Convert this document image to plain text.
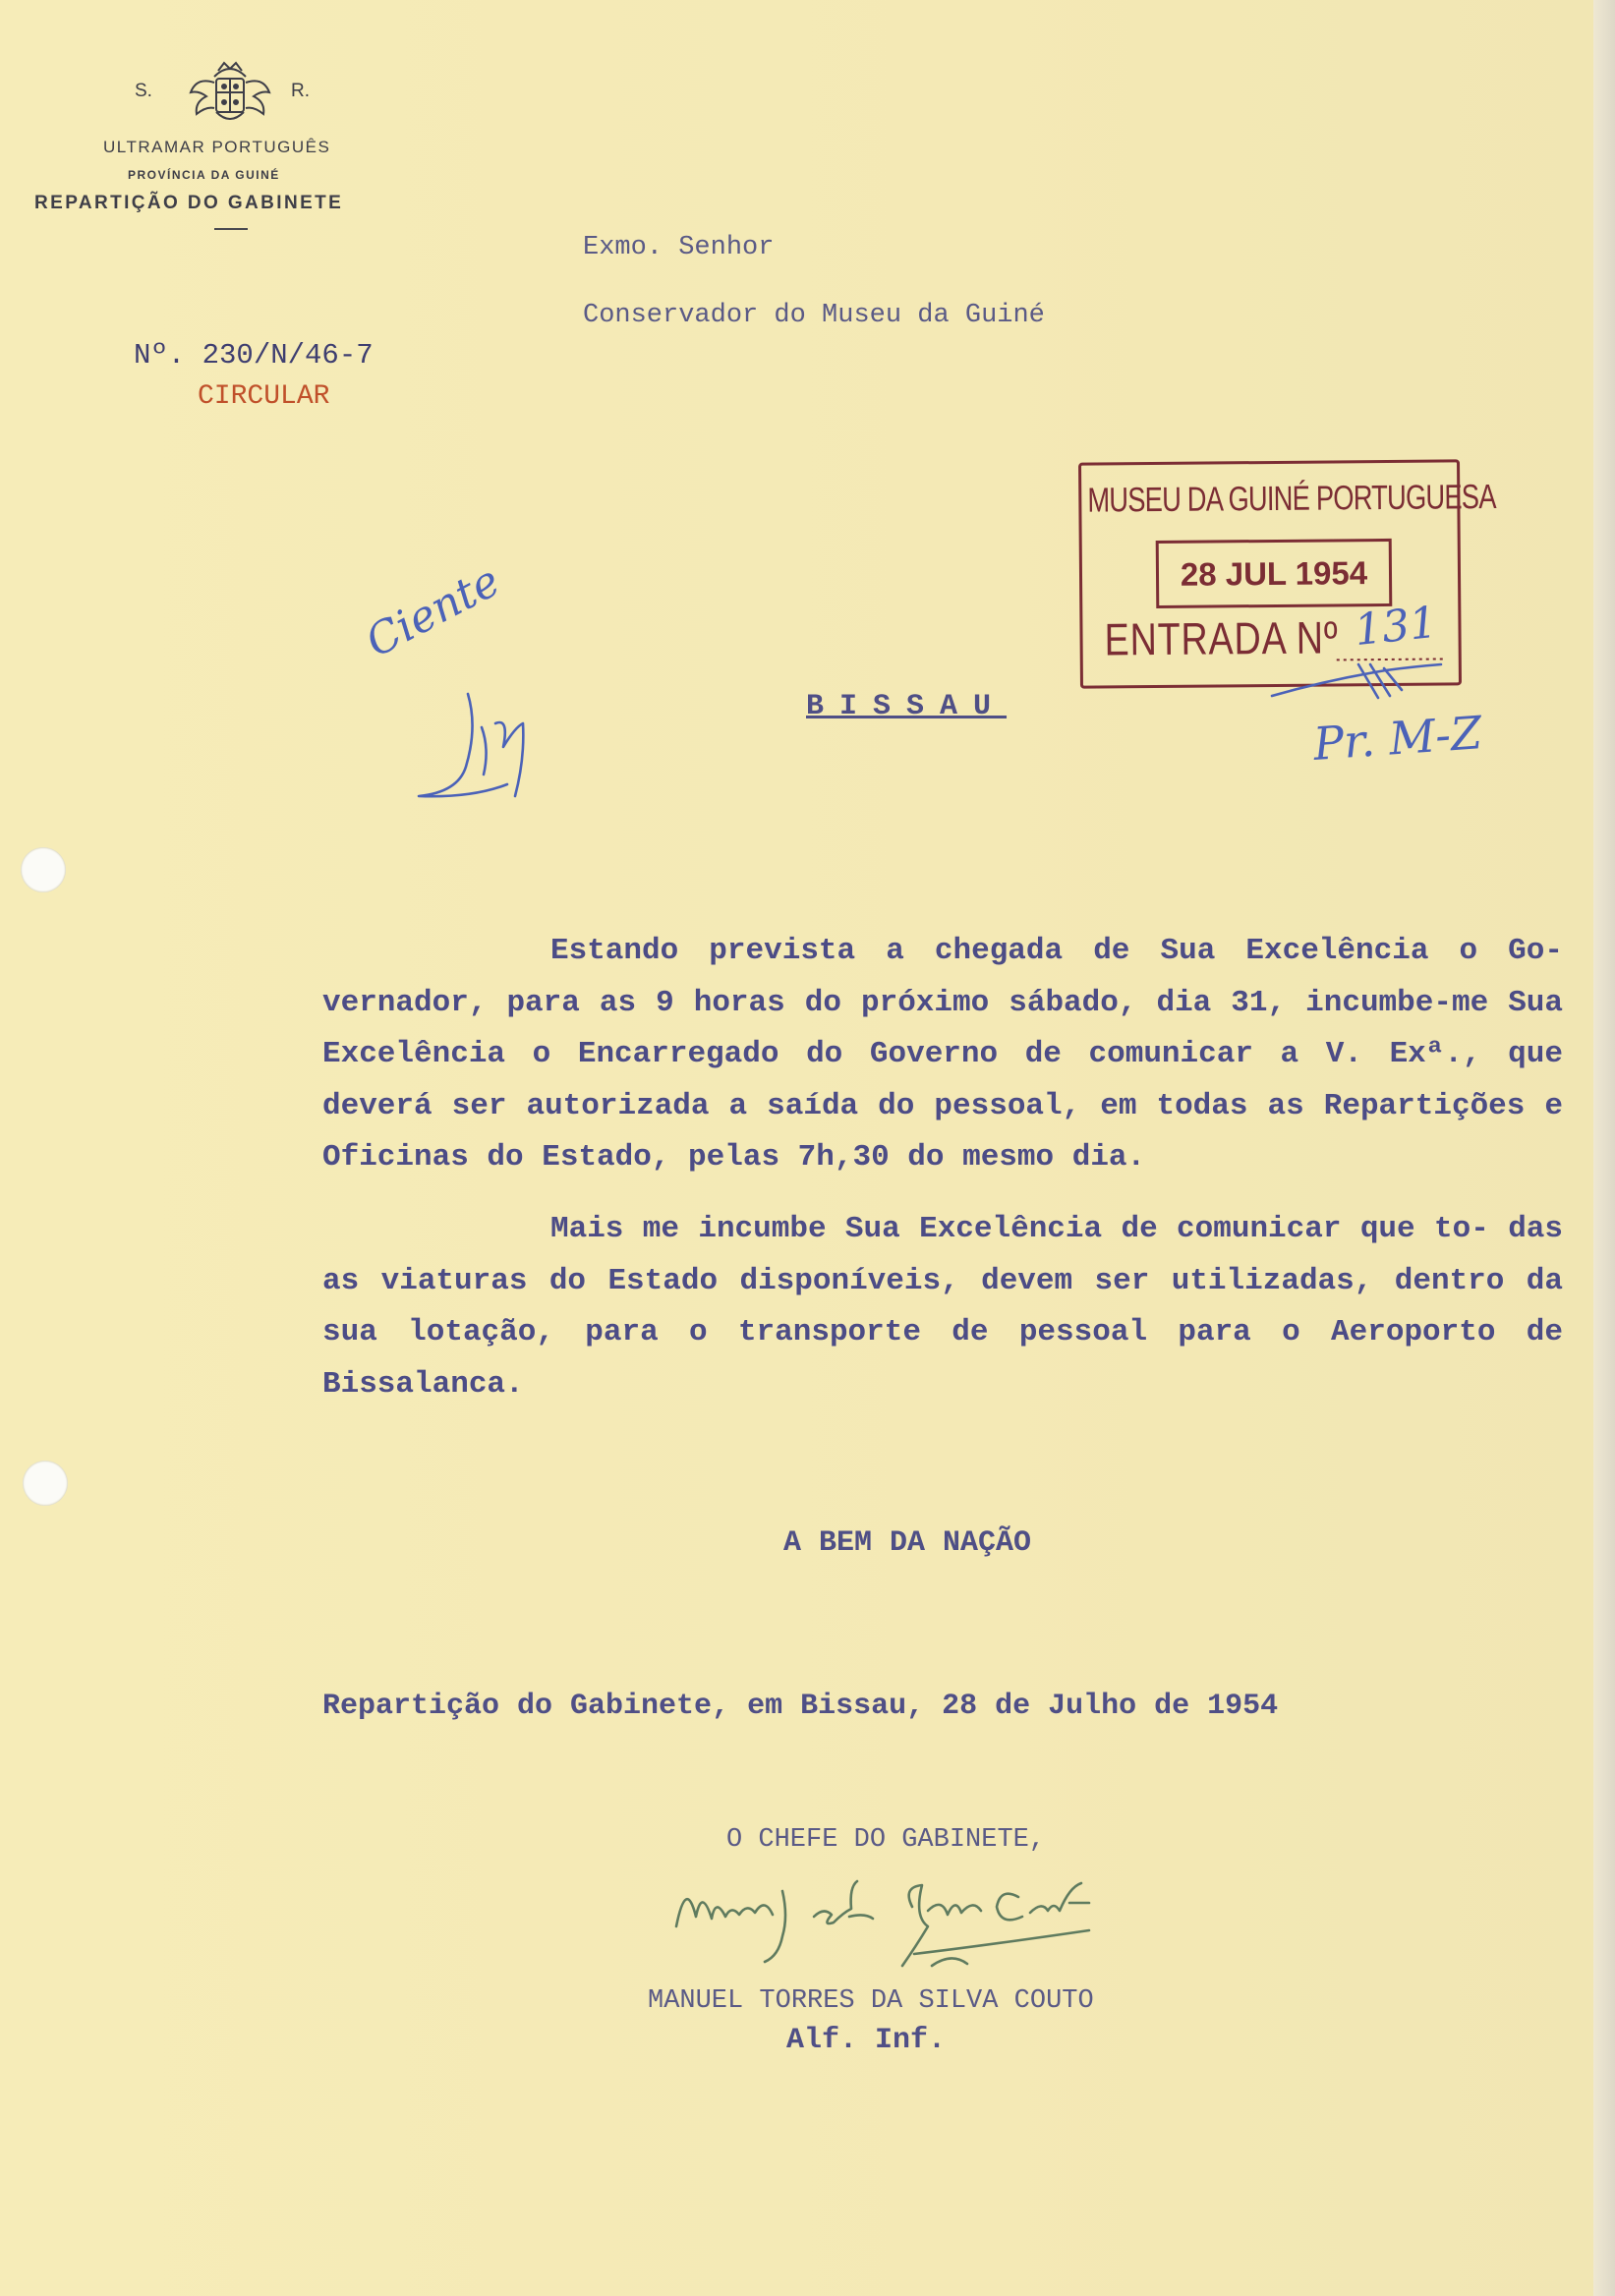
S.	R.
ULTRAMAR PORTUGUÊS
PROVÍNCIA DA GUINÉ
REPARTIÇÃO DO GABINETE
Exmo. Senhor
Conservador do Museu da Guiné
Nº. 230/N/46-7
CIRCULAR
MUSEU DA GUINÉ PORTUGUESA
28 JUL 1954
ENTRADA Nº 131
Pr. M-Z
Ciente
BISSAU
Estando prevista a chegada de Sua Excelência o Go- vernador, para as 9 horas do próximo sábado, dia 31, incumbe-me Sua Excelência o Encarregado do Governo de comunicar a V. Exª., que deverá ser autorizada a saída do pessoal, em todas as Repartições e Oficinas do Estado, pelas 7h,30 do mesmo dia.
Mais me incumbe Sua Excelência de comunicar que to- das as viaturas do Estado disponíveis, devem ser utilizadas, dentro da sua lotação, para o transporte de pessoal para o Aeroporto de Bissalanca.
A BEM DA NAÇÃO
Repartição do Gabinete, em Bissau, 28 de Julho de 1954
O CHEFE DO GABINETE,
MANUEL TORRES DA SILVA COUTO
Alf. Inf.
